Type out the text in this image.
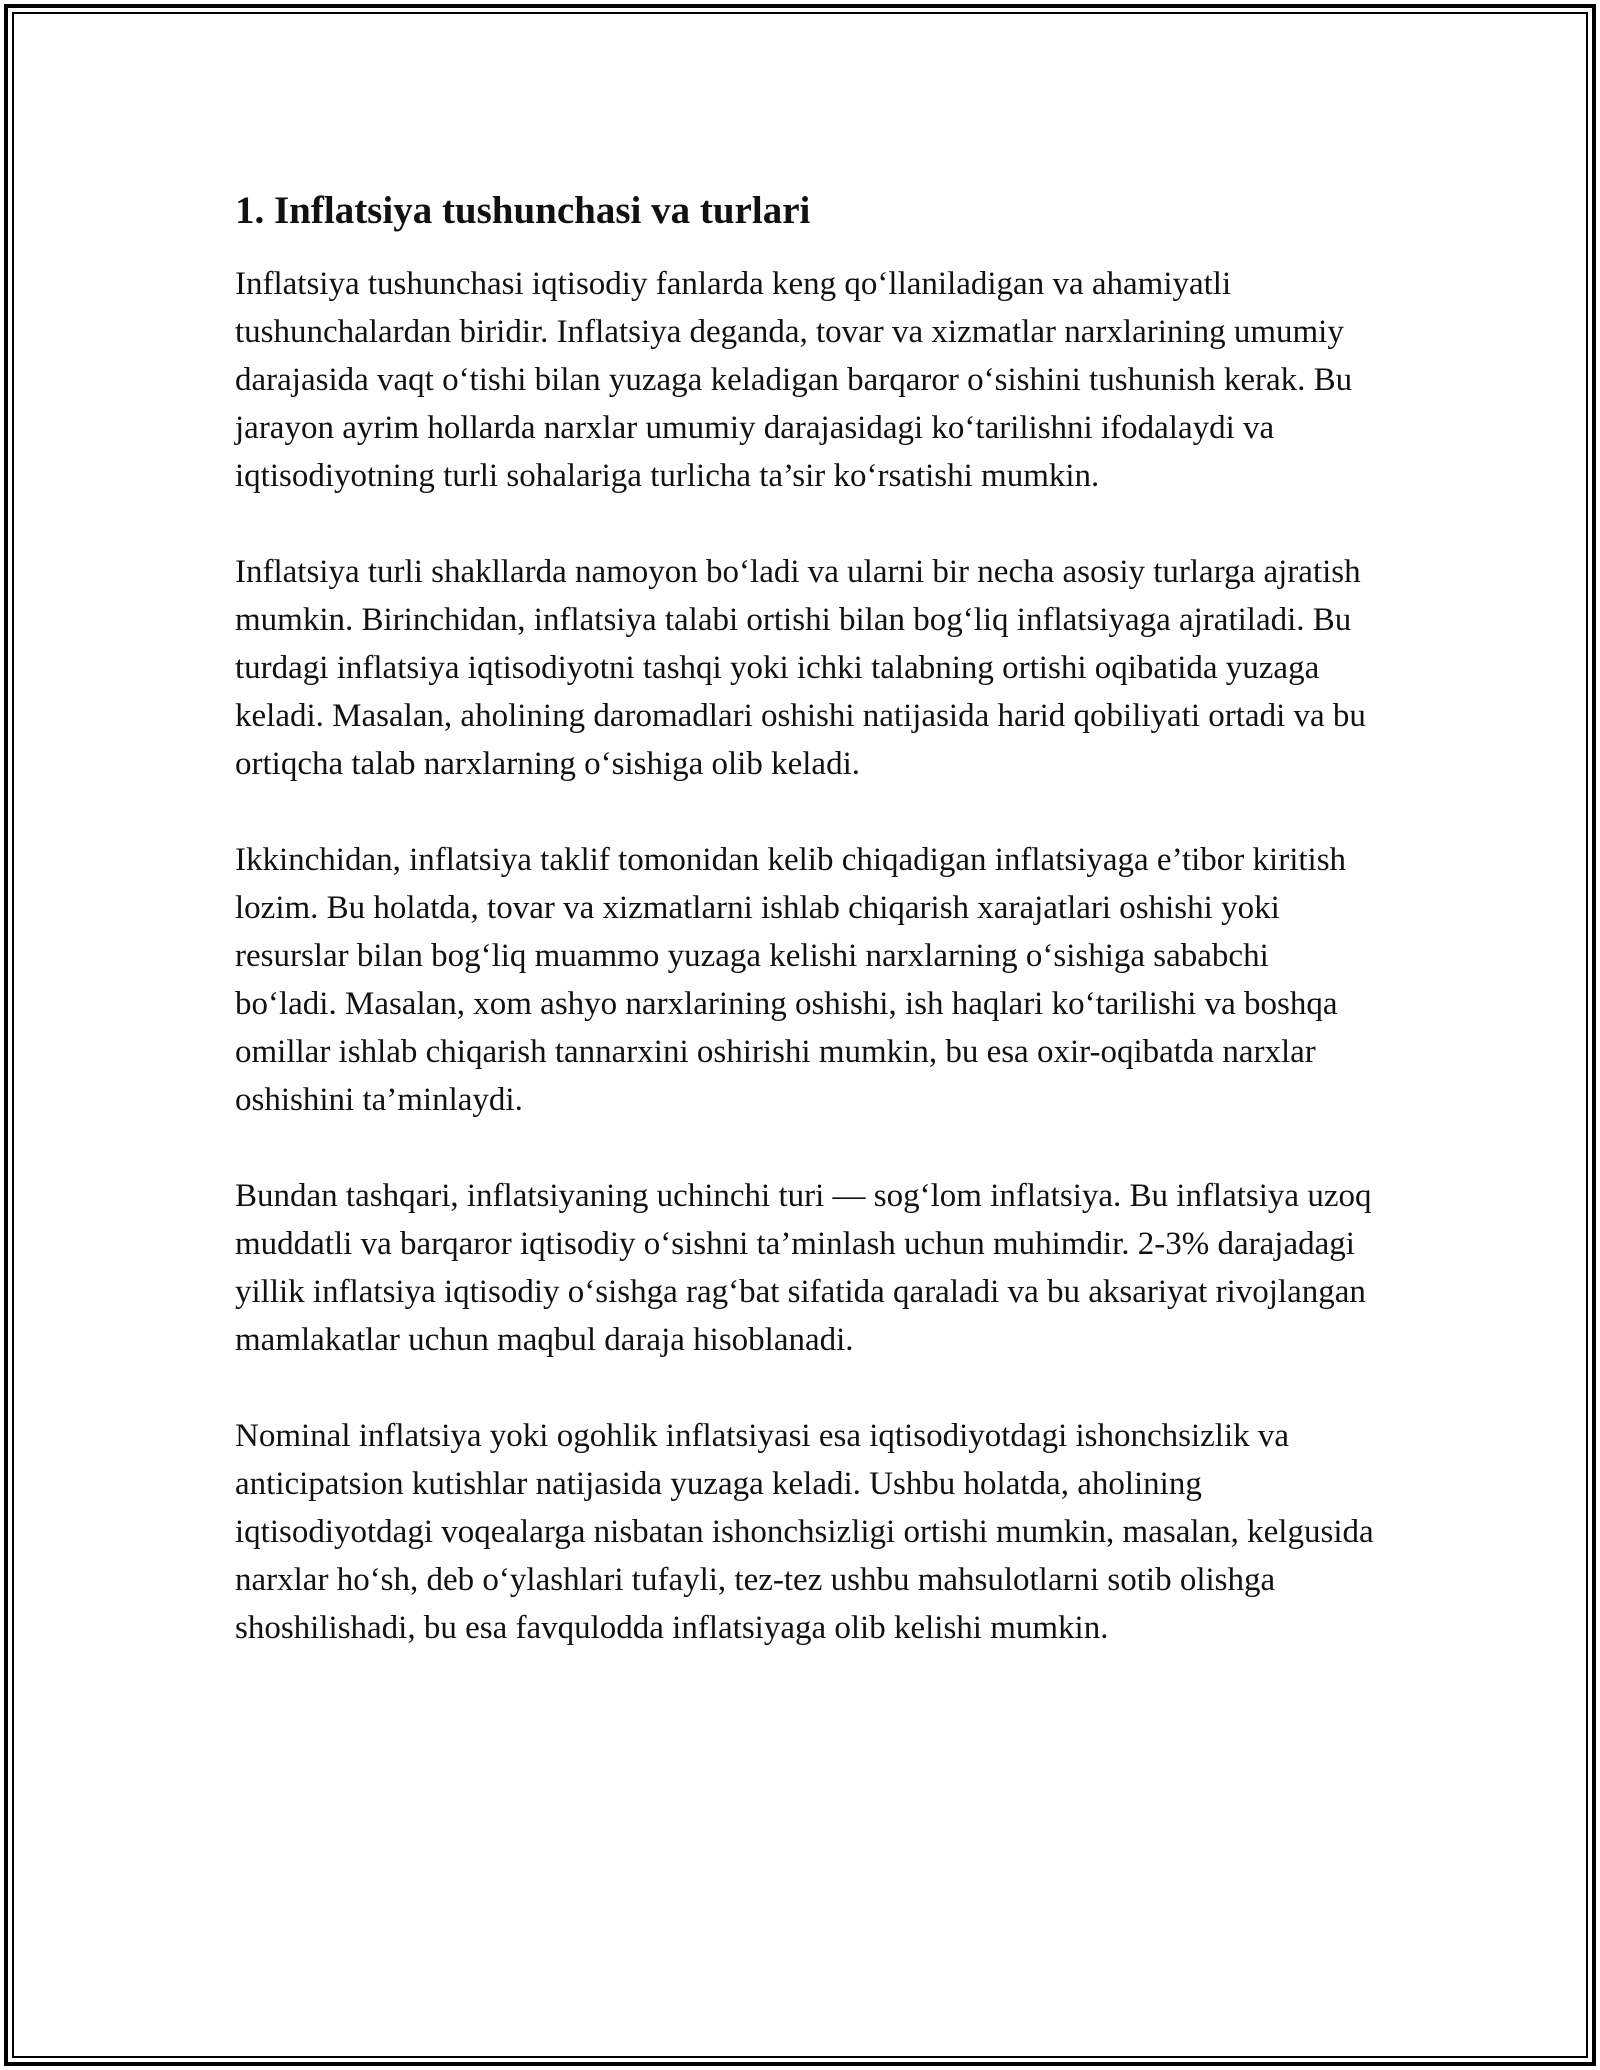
1. Inflatsiya tushunchasi va turlari

Inflatsiya tushunchasi iqtisodiy fanlarda keng qo‘llaniladigan va ahamiyatli tushunchalardan biridir. Inflatsiya deganda, tovar va xizmatlar narxlarining umumiy darajasida vaqt o‘tishi bilan yuzaga keladigan barqaror o‘sishini tushunish kerak. Bu jarayon ayrim hollarda narxlar umumiy darajasidagi ko‘tarilishni ifodalaydi va iqtisodiyotning turli sohalariga turlicha ta’sir ko‘rsatishi mumkin.

Inflatsiya turli shakllarda namoyon bo‘ladi va ularni bir necha asosiy turlarga ajratish mumkin. Birinchidan, inflatsiya talabi ortishi bilan bog‘liq inflatsiyaga ajratiladi. Bu turdagi inflatsiya iqtisodiyotni tashqi yoki ichki talabning ortishi oqibatida yuzaga keladi. Masalan, aholining daromadlari oshishi natijasida harid qobiliyati ortadi va bu ortiqcha talab narxlarning o‘sishiga olib keladi.

Ikkinchidan, inflatsiya taklif tomonidan kelib chiqadigan inflatsiyaga e’tibor kiritish lozim. Bu holatda, tovar va xizmatlarni ishlab chiqarish xarajatlari oshishi yoki resurslar bilan bog‘liq muammo yuzaga kelishi narxlarning o‘sishiga sababchi bo‘ladi. Masalan, xom ashyo narxlarining oshishi, ish haqlari ko‘tarilishi va boshqa omillar ishlab chiqarish tannarxini oshirishi mumkin, bu esa oxir-oqibatda narxlar oshishini ta’minlaydi.

Bundan tashqari, inflatsiyaning uchinchi turi — sog‘lom inflatsiya. Bu inflatsiya uzoq muddatli va barqaror iqtisodiy o‘sishni ta’minlash uchun muhimdir. 2-3% darajadagi yillik inflatsiya iqtisodiy o‘sishga rag‘bat sifatida qaraladi va bu aksariyat rivojlangan mamlakatlar uchun maqbul daraja hisoblanadi.

Nominal inflatsiya yoki ogohlik inflatsiyasi esa iqtisodiyotdagi ishonchsizlik va anticipatsion kutishlar natijasida yuzaga keladi. Ushbu holatda, aholining iqtisodiyotdagi voqealarga nisbatan ishonchsizligi ortishi mumkin, masalan, kelgusida narxlar ho‘sh, deb o‘ylashlari tufayli, tez-tez ushbu mahsulotlarni sotib olishga shoshilishadi, bu esa favqulodda inflatsiyaga olib kelishi mumkin.
